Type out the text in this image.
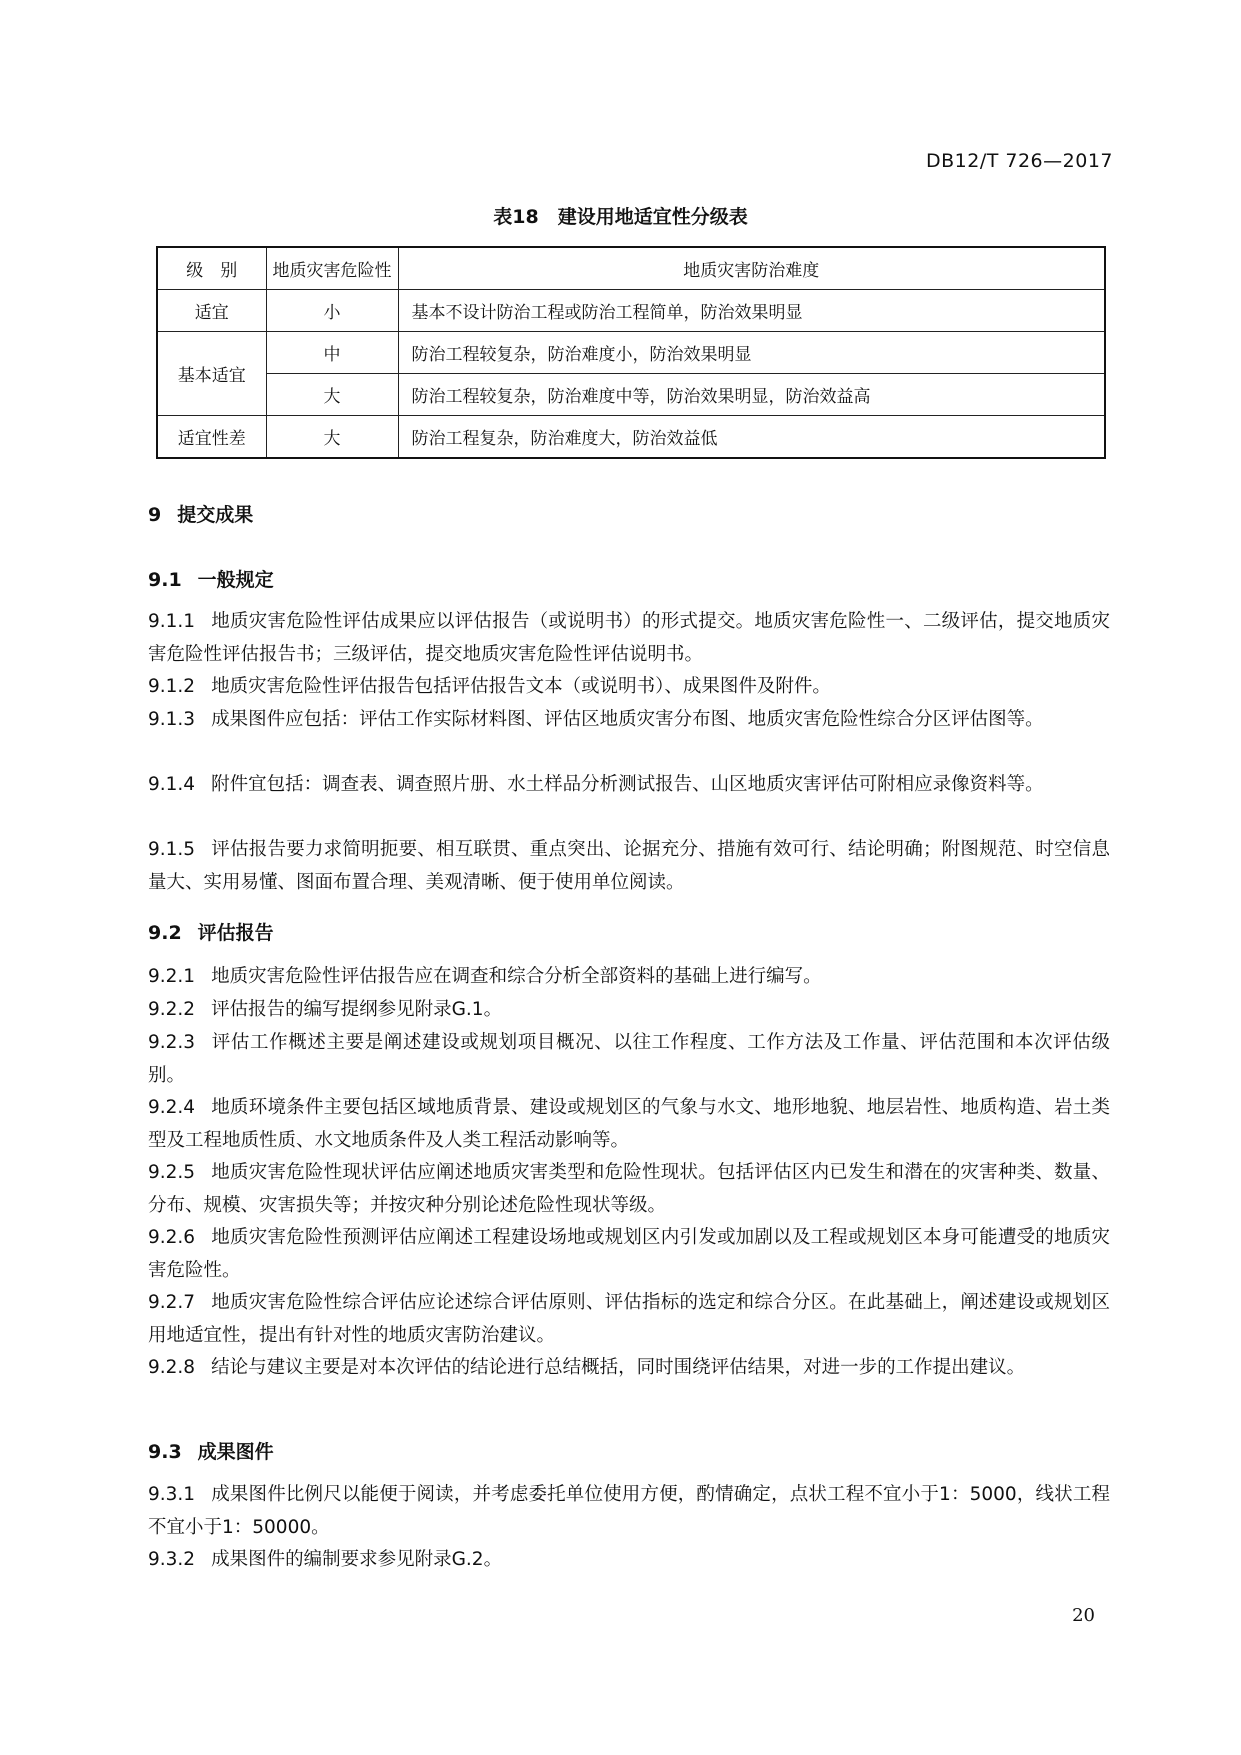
DB12/T 726—2017
表18　建设用地适宜性分级表
级　别	地质灾害危险性	地质灾害防治难度
适宜	小	基本不设计防治工程或防治工程简单，防治效果明显
基本适宜	中	防治工程较复杂，防治难度小，防治效果明显
	大	防治工程较复杂，防治难度中等，防治效果明显，防治效益高
适宜性差	大	防治工程复杂，防治难度大，防治效益低
9 提交成果
9.1 一般规定
9.1.1 地质灾害危险性评估成果应以评估报告（或说明书）的形式提交。地质灾害危险性一、二级评估，提交地质灾害危险性评估报告书；三级评估，提交地质灾害危险性评估说明书。
9.1.2 地质灾害危险性评估报告包括评估报告文本（或说明书）、成果图件及附件。
9.1.3 成果图件应包括：评估工作实际材料图、评估区地质灾害分布图、地质灾害危险性综合分区评估图等。
9.1.4 附件宜包括：调查表、调查照片册、水土样品分析测试报告、山区地质灾害评估可附相应录像资料等。
9.1.5 评估报告要力求简明扼要、相互联贯、重点突出、论据充分、措施有效可行、结论明确；附图规范、时空信息量大、实用易懂、图面布置合理、美观清晰、便于使用单位阅读。
9.2 评估报告
9.2.1 地质灾害危险性评估报告应在调查和综合分析全部资料的基础上进行编写。
9.2.2 评估报告的编写提纲参见附录G.1。
9.2.3 评估工作概述主要是阐述建设或规划项目概况、以往工作程度、工作方法及工作量、评估范围和本次评估级别。
9.2.4 地质环境条件主要包括区域地质背景、建设或规划区的气象与水文、地形地貌、地层岩性、地质构造、岩土类型及工程地质性质、水文地质条件及人类工程活动影响等。
9.2.5 地质灾害危险性现状评估应阐述地质灾害类型和危险性现状。包括评估区内已发生和潜在的灾害种类、数量、分布、规模、灾害损失等；并按灾种分别论述危险性现状等级。
9.2.6 地质灾害危险性预测评估应阐述工程建设场地或规划区内引发或加剧以及工程或规划区本身可能遭受的地质灾害危险性。
9.2.7 地质灾害危险性综合评估应论述综合评估原则、评估指标的选定和综合分区。在此基础上，阐述建设或规划区用地适宜性，提出有针对性的地质灾害防治建议。
9.2.8 结论与建议主要是对本次评估的结论进行总结概括，同时围绕评估结果，对进一步的工作提出建议。
9.3 成果图件
9.3.1 成果图件比例尺以能便于阅读，并考虑委托单位使用方便，酌情确定，点状工程不宜小于1：5000，线状工程不宜小于1：50000。
9.3.2 成果图件的编制要求参见附录G.2。
20
